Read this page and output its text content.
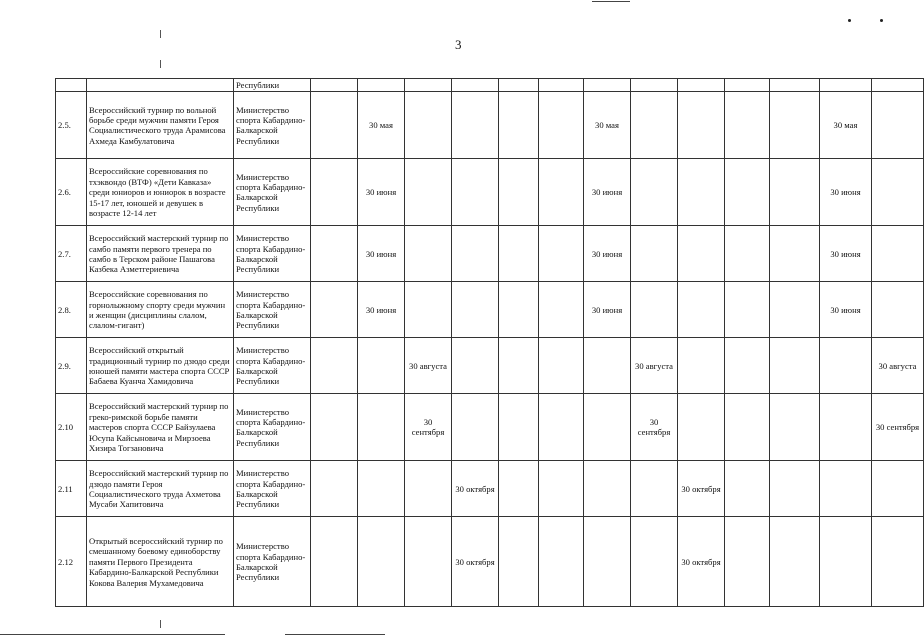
3
		Республики														
2.5.	Всероссийский турнир по вольной борьбе среди мужчин памяти Героя Социалистического труда Арамисова Ахмеда Камбулатовича	Министерство спорта Кабардино-Балкарской Республики		30 мая					30 мая					30 мая		
2.6.	Всероссийские соревнования по тхэквондо (ВТФ) «Дети Кавказа» среди юниоров и юниорок в возрасте 15-17 лет, юношей и девушек в возрасте 12-14 лет	Министерство спорта Кабардино-Балкарской Республики		30 июня					30 июня					30 июня		
2.7.	Всероссийский мастерский турнир по самбо памяти первого тренера по самбо в Терском районе Пашагова Казбека Азметгериевича	Министерство спорта Кабардино-Балкарской Республики		30 июня					30 июня					30 июня		
2.8.	Всероссийские соревнования по горнолыжному спорту среди мужчин и женщин (дисциплины слалом, слалом-гигант)	Министерство спорта Кабардино-Балкарской Республики		30 июня					30 июня					30 июня		
2.9.	Всероссийский открытый традиционный турнир по дзюдо среди юношей памяти мастера спорта СССР Бабаева Куанча Хамидовича	Министерство спорта Кабардино-Балкарской Республики			30 августа					30 августа					30 августа	
2.10	Всероссийский мастерский турнир по греко-римской борьбе памяти мастеров спорта СССР Байзулаева Юсупа Кайсыновича и Мирзоева Хизира Тогзановича	Министерство спорта Кабардино-Балкарской Республики			30 сентября					30 сентября					30 сентября	
2.11	Всероссийский мастерский турнир по дзюдо памяти Героя Социалистического труда Ахметова Мусаби Хапитовича	Министерство спорта Кабардино-Балкарской Республики				30 октября					30 октября					
2.12	Открытый всероссийский турнир по смешанному боевому единоборству памяти Первого Президента Кабардино-Балкарской Республики Кокова Валерия Мухамедовича	Министерство спорта Кабардино-Балкарской Республики				30 октября					30 октября					
